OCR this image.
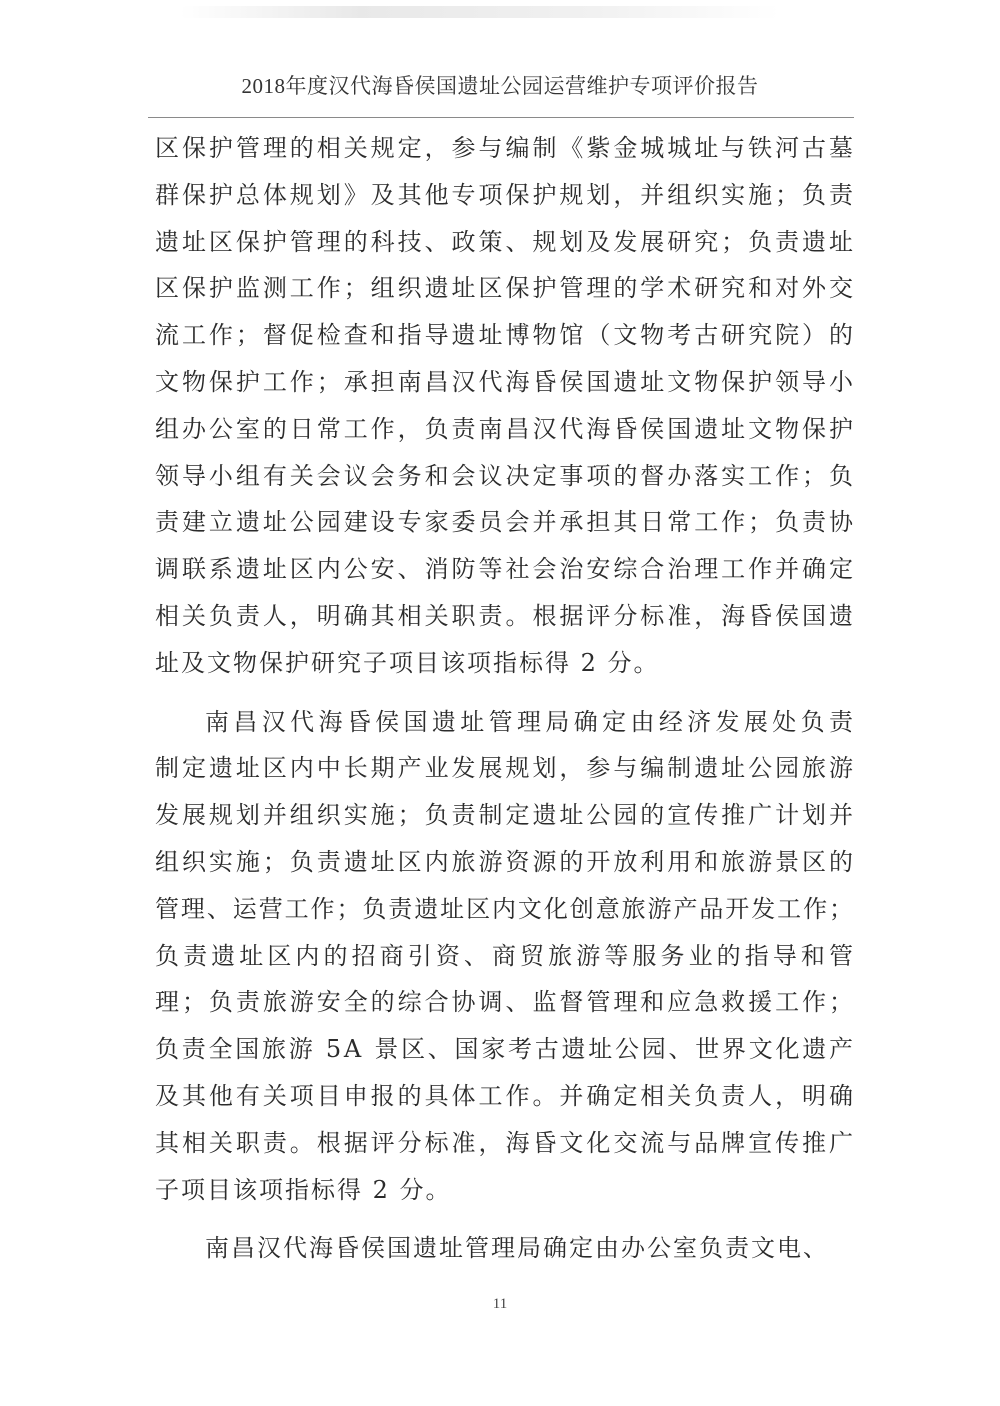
2018年度汉代海昏侯国遗址公园运营维护专项评价报告
区保护管理的相关规定，参与编制《紫金城城址与铁河古墓
群保护总体规划》及其他专项保护规划，并组织实施；负责
遗址区保护管理的科技、政策、规划及发展研究；负责遗址
区保护监测工作；组织遗址区保护管理的学术研究和对外交
流工作；督促检查和指导遗址博物馆（文物考古研究院）的
文物保护工作；承担南昌汉代海昏侯国遗址文物保护领导小
组办公室的日常工作，负责南昌汉代海昏侯国遗址文物保护
领导小组有关会议会务和会议决定事项的督办落实工作；负
责建立遗址公园建设专家委员会并承担其日常工作；负责协
调联系遗址区内公安、消防等社会治安综合治理工作并确定
相关负责人，明确其相关职责。根据评分标准，海昏侯国遗
址及文物保护研究子项目该项指标得 2 分。
南昌汉代海昏侯国遗址管理局确定由经济发展处负责
制定遗址区内中长期产业发展规划，参与编制遗址公园旅游
发展规划并组织实施；负责制定遗址公园的宣传推广计划并
组织实施；负责遗址区内旅游资源的开放利用和旅游景区的
管理、运营工作；负责遗址区内文化创意旅游产品开发工作；
负责遗址区内的招商引资、商贸旅游等服务业的指导和管
理；负责旅游安全的综合协调、监督管理和应急救援工作；
负责全国旅游 5A 景区、国家考古遗址公园、世界文化遗产
及其他有关项目申报的具体工作。并确定相关负责人，明确
其相关职责。根据评分标准，海昏文化交流与品牌宣传推广
子项目该项指标得 2 分。
南昌汉代海昏侯国遗址管理局确定由办公室负责文电、
11
